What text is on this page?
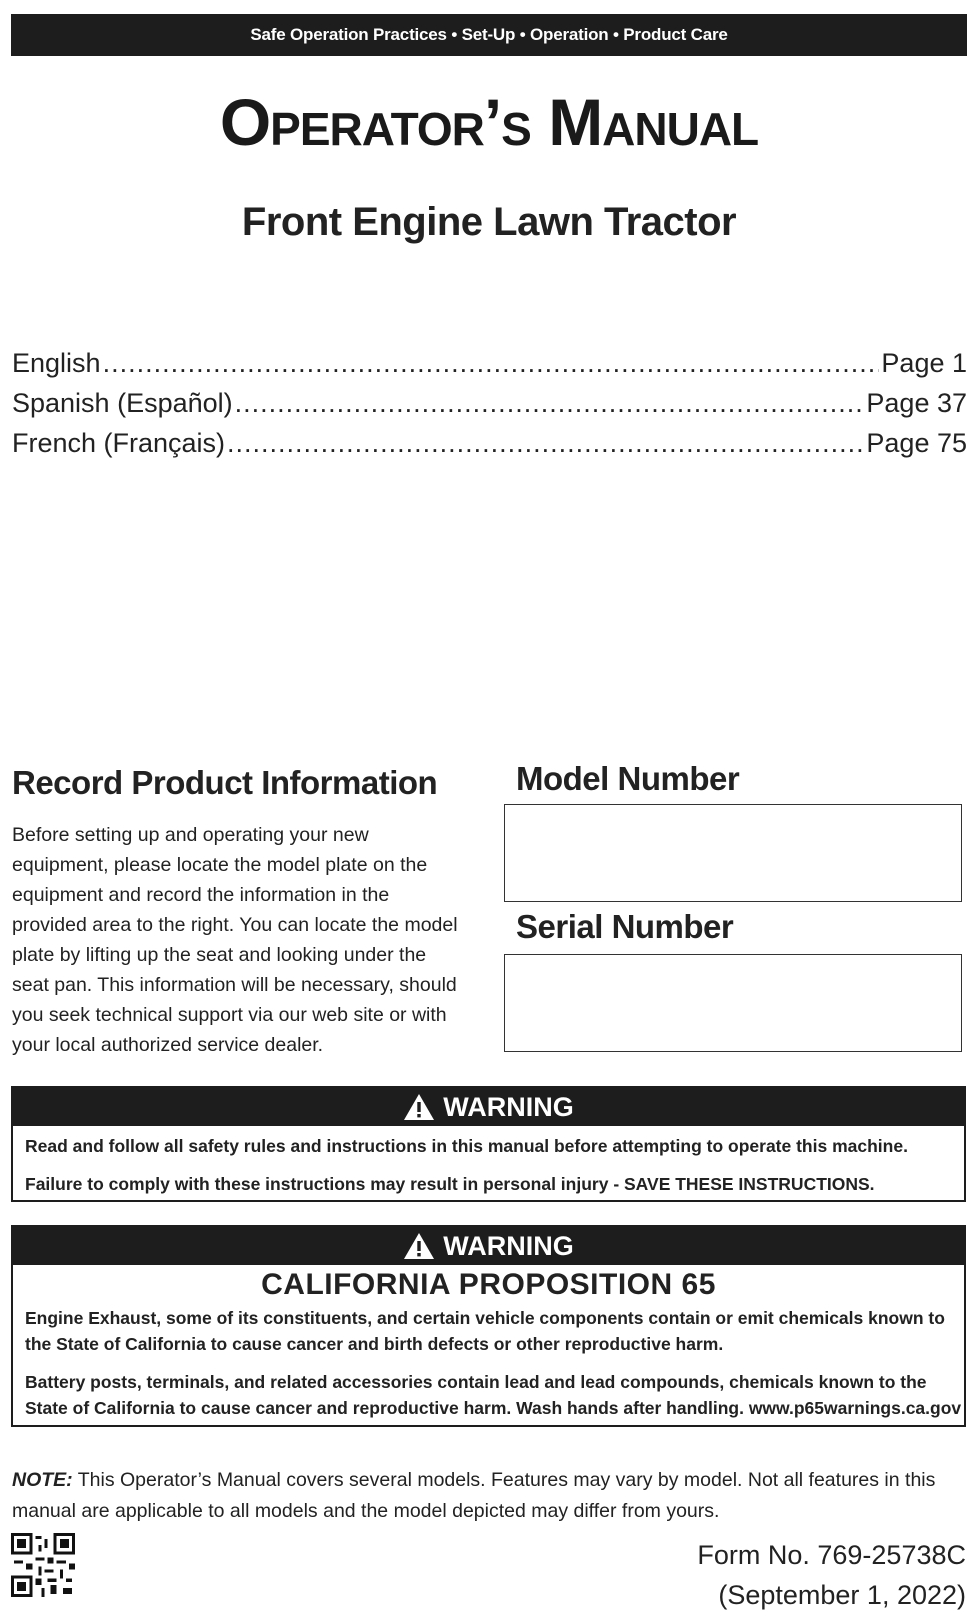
Safe Operation Practices • Set-Up • Operation • Product Care
Operator’s Manual
Front Engine Lawn Tractor
English .....	Page 1
Spanish (Español) .....	Page 37
French (Français) .....	Page 75
Record Product Information
Before setting up and operating your new equipment, please locate the model plate on the equipment and record the information in the provided area to the right. You can locate the model plate by lifting up the seat and looking under the seat pan. This information will be necessary, should you seek technical support via our web site or with your local authorized service dealer.
Model Number
Serial Number
WARNING
Read and follow all safety rules and instructions in this manual before attempting to operate this machine.
Failure to comply with these instructions may result in personal injury - SAVE THESE INSTRUCTIONS.
WARNING
CALIFORNIA PROPOSITION 65
Engine Exhaust, some of its constituents, and certain vehicle components contain or emit chemicals known to the State of California to cause cancer and birth defects or other reproductive harm.
Battery posts, terminals, and related accessories contain lead and lead compounds, chemicals known to the State of California to cause cancer and reproductive harm. Wash hands after handling. www.p65warnings.ca.gov
NOTE: This Operator’s Manual covers several models. Features may vary by model. Not all features in this manual are applicable to all models and the model depicted may differ from yours.
Form No. 769-25738C
(September 1, 2022)
